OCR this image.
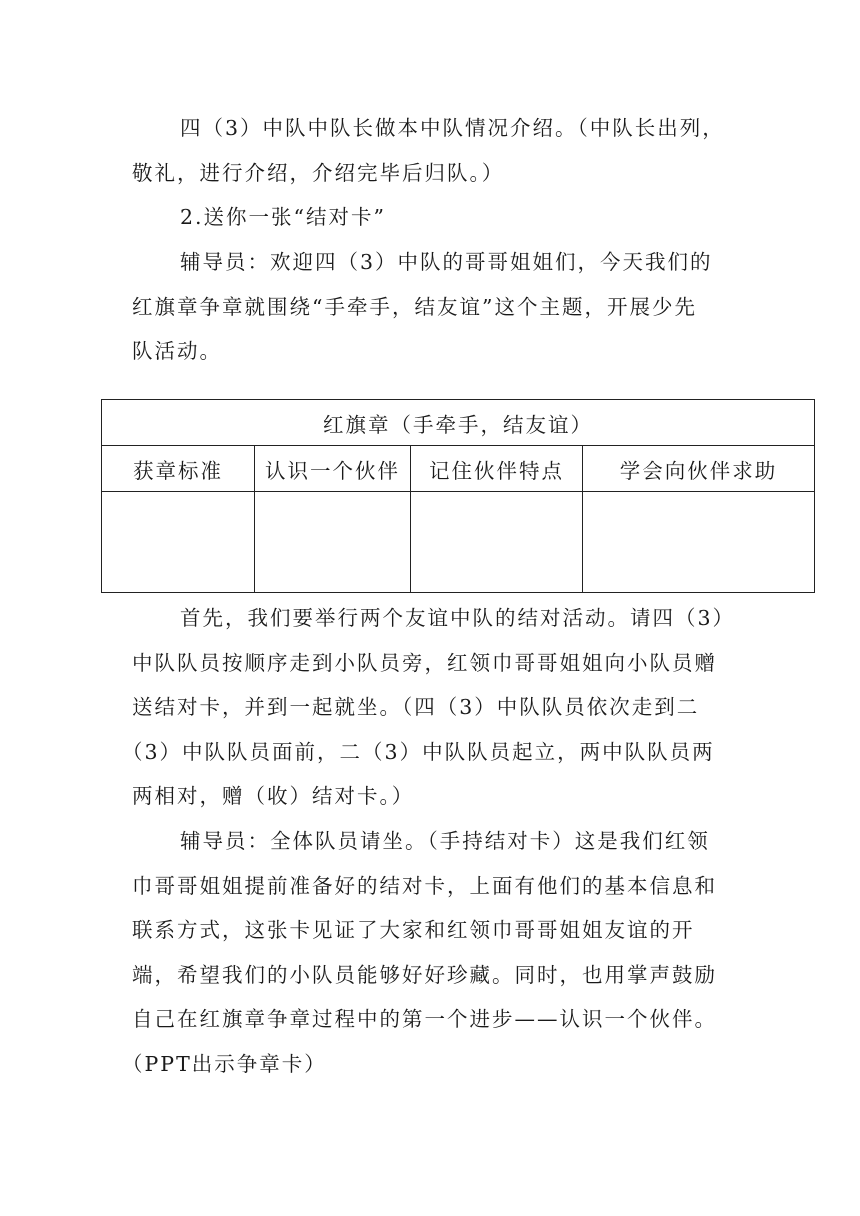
四（3）中队中队长做本中队情况介绍。（中队长出列，
敬礼，进行介绍，介绍完毕后归队。）

2.送你一张“结对卡”

辅导员：欢迎四（3）中队的哥哥姐姐们，今天我们的
红旗章争章就围绕“手牵手，结友谊”这个主题，开展少先
队活动。

红旗章（手牵手，结友谊）			
获章标准	认识一个伙伴	记住伙伴特点	学会向伙伴求助

首先，我们要举行两个友谊中队的结对活动。请四（3）
中队队员按顺序走到小队员旁，红领巾哥哥姐姐向小队员赠
送结对卡，并到一起就坐。（四（3）中队队员依次走到二
（3）中队队员面前，二（3）中队队员起立，两中队队员两
两相对，赠（收）结对卡。）

辅导员：全体队员请坐。（手持结对卡）这是我们红领
巾哥哥姐姐提前准备好的结对卡，上面有他们的基本信息和
联系方式，这张卡见证了大家和红领巾哥哥姐姐友谊的开
端，希望我们的小队员能够好好珍藏。同时，也用掌声鼓励
自己在红旗章争章过程中的第一个进步——认识一个伙伴。
（PPT出示争章卡）
